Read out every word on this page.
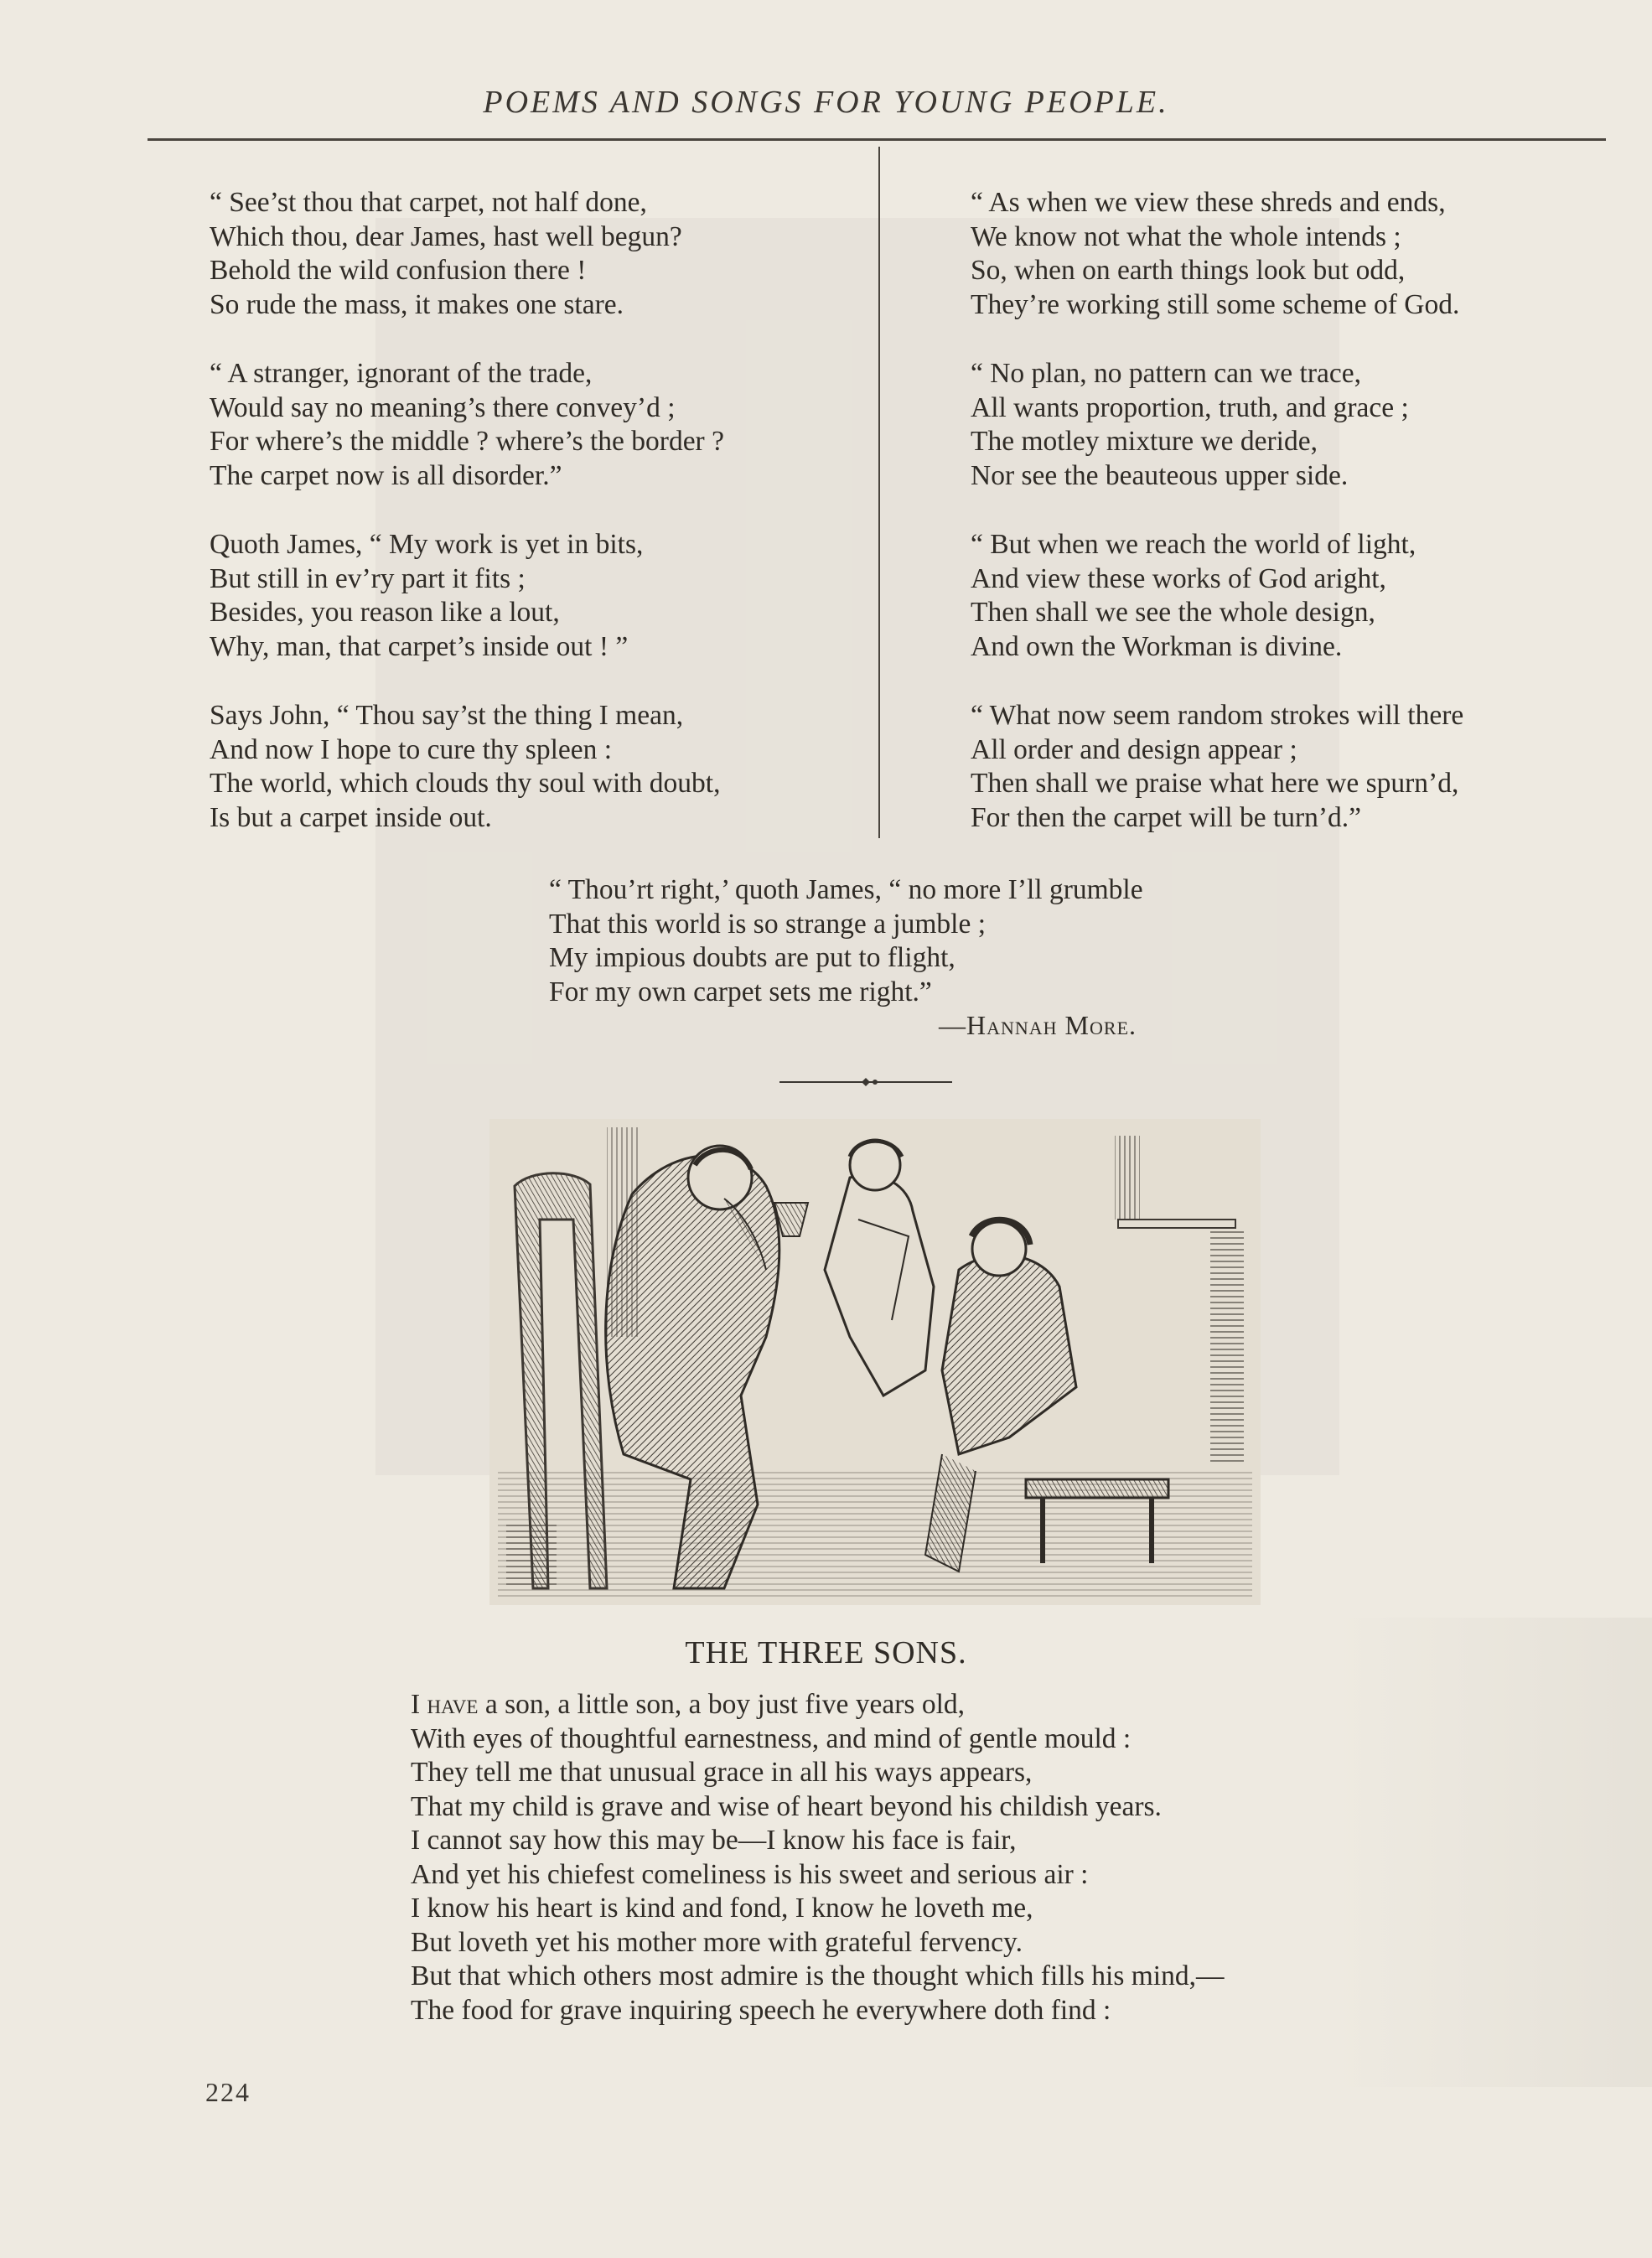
POEMS AND SONGS FOR YOUNG PEOPLE.
“ See’st thou that carpet, not half done,
Which thou, dear James, hast well begun?
Behold the wild confusion there !
So rude the mass, it makes one stare.
“ A stranger, ignorant of the trade,
Would say no meaning’s there convey’d ;
For where’s the middle ? where’s the border ?
The carpet now is all disorder.”
Quoth James, “ My work is yet in bits,
But still in ev’ry part it fits ;
Besides, you reason like a lout,
Why, man, that carpet’s inside out ! ”
Says John, “ Thou say’st the thing I mean,
And now I hope to cure thy spleen :
The world, which clouds thy soul with doubt,
Is but a carpet inside out.
“ As when we view these shreds and ends,
We know not what the whole intends ;
So, when on earth things look but odd,
They’re working still some scheme of God.
“ No plan, no pattern can we trace,
All wants proportion, truth, and grace ;
The motley mixture we deride,
Nor see the beauteous upper side.
“ But when we reach the world of light,
And view these works of God aright,
Then shall we see the whole design,
And own the Workman is divine.
“ What now seem random strokes will there
All order and design appear ;
Then shall we praise what here we spurn’d,
For then the carpet will be turn’d.”
“ Thou’rt right,’ quoth James, “ no more I’ll grumble
That this world is so strange a jumble ;
My impious doubts are put to flight,
For my own carpet sets me right.”
—Hannah More.
THE THREE SONS.
I have a son, a little son, a boy just five years old,
With eyes of thoughtful earnestness, and mind of gentle mould :
They tell me that unusual grace in all his ways appears,
That my child is grave and wise of heart beyond his childish years.
I cannot say how this may be—I know his face is fair,
And yet his chiefest comeliness is his sweet and serious air :
I know his heart is kind and fond, I know he loveth me,
But loveth yet his mother more with grateful fervency.
But that which others most admire is the thought which fills his mind,—
The food for grave inquiring speech he everywhere doth find :
224
